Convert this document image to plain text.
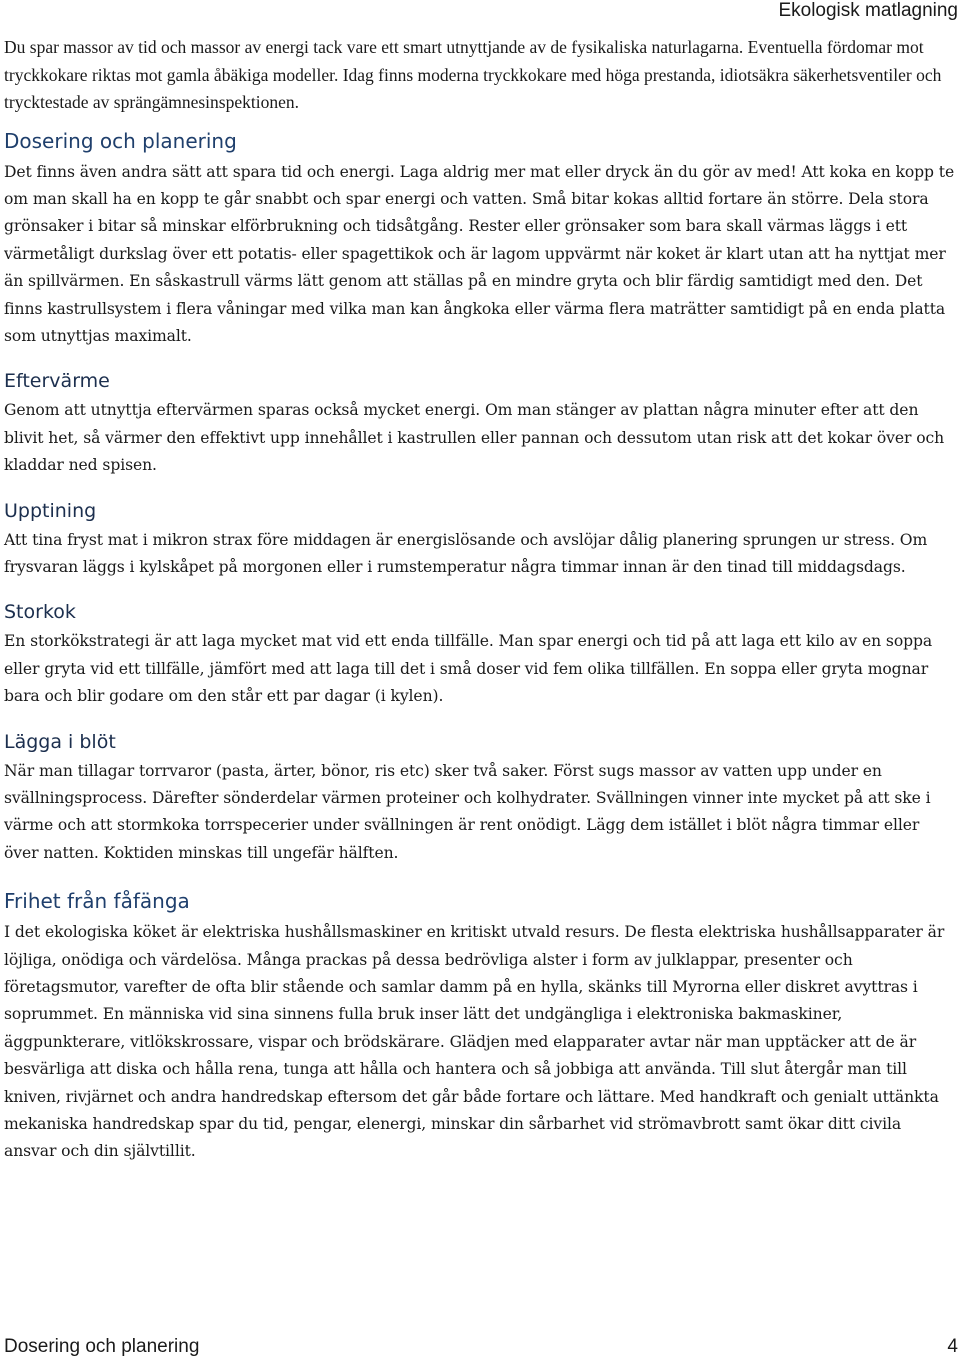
Ekologisk matlagning

Du spar massor av tid och massor av energi tack vare ett smart utnyttjande av de fysikaliska naturlagarna. Eventuella fördomar mot tryckkokare riktas mot gamla åbäkiga modeller. Idag finns moderna tryckkokare med höga prestanda, idiotsäkra säkerhetsventiler och trycktestade av sprängämnesinspektionen.

Dosering och planering

Det finns även andra sätt att spara tid och energi. Laga aldrig mer mat eller dryck än du gör av med! Att koka en kopp te om man skall ha en kopp te går snabbt och spar energi och vatten. Små bitar kokas alltid fortare än större. Dela stora grönsaker i bitar så minskar elförbrukning och tidsåtgång. Rester eller grönsaker som bara skall värmas läggs i ett värmetåligt durkslag över ett potatis- eller spagettikok och är lagom uppvärmt när koket är klart utan att ha nyttjat mer än spillvärmen. En såskastrull värms lätt genom att ställas på en mindre gryta och blir färdig samtidigt med den. Det finns kastrullsystem i flera våningar med vilka man kan ångkoka eller värma flera maträtter samtidigt på en enda platta som utnyttjas maximalt.

Eftervärme

Genom att utnyttja eftervärmen sparas också mycket energi. Om man stänger av plattan några minuter efter att den blivit het, så värmer den effektivt upp innehållet i kastrullen eller pannan och dessutom utan risk att det kokar över och kladdar ned spisen.

Upptining

Att tina fryst mat i mikron strax före middagen är energislösande och avslöjar dålig planering sprungen ur stress. Om frysvaran läggs i kylskåpet på morgonen eller i rumstemperatur några timmar innan är den tinad till middagsdags.

Storkok

En storkökstrategi är att laga mycket mat vid ett enda tillfälle. Man spar energi och tid på att laga ett kilo av en soppa eller gryta vid ett tillfälle, jämfört med att laga till det i små doser vid fem olika tillfällen. En soppa eller gryta mognar bara och blir godare om den står ett par dagar (i kylen).

Lägga i blöt

När man tillagar torrvaror (pasta, ärter, bönor, ris etc) sker två saker. Först sugs massor av vatten upp under en svällningsprocess. Därefter sönderdelar värmen proteiner och kolhydrater. Svällningen vinner inte mycket på att ske i värme och att stormkoka torrspecerier under svällningen är rent onödigt. Lägg dem istället i blöt några timmar eller över natten. Koktiden minskas till ungefär hälften.

Frihet från fåfänga

I det ekologiska köket är elektriska hushållsmaskiner en kritiskt utvald resurs. De flesta elektriska hushållsapparater är löjliga, onödiga och värdelösa. Många prackas på dessa bedrövliga alster i form av julklappar, presenter och företagsmutor, varefter de ofta blir stående och samlar damm på en hylla, skänks till Myrorna eller diskret avyttras i soprummet. En människa vid sina sinnens fulla bruk inser lätt det undgängliga i elektroniska bakmaskiner, äggpunkterare, vitlökskrossare, vispar och brödskärare. Glädjen med elapparater avtar när man upptäcker att de är besvärliga att diska och hålla rena, tunga att hålla och hantera och så jobbiga att använda. Till slut återgår man till kniven, rivjärnet och andra handredskap eftersom det går både fortare och lättare. Med handkraft och genialt uttänkta mekaniska handredskap spar du tid, pengar, elenergi, minskar din sårbarhet vid strömavbrott samt ökar ditt civila ansvar och din självtillit.

Dosering och planering	4
